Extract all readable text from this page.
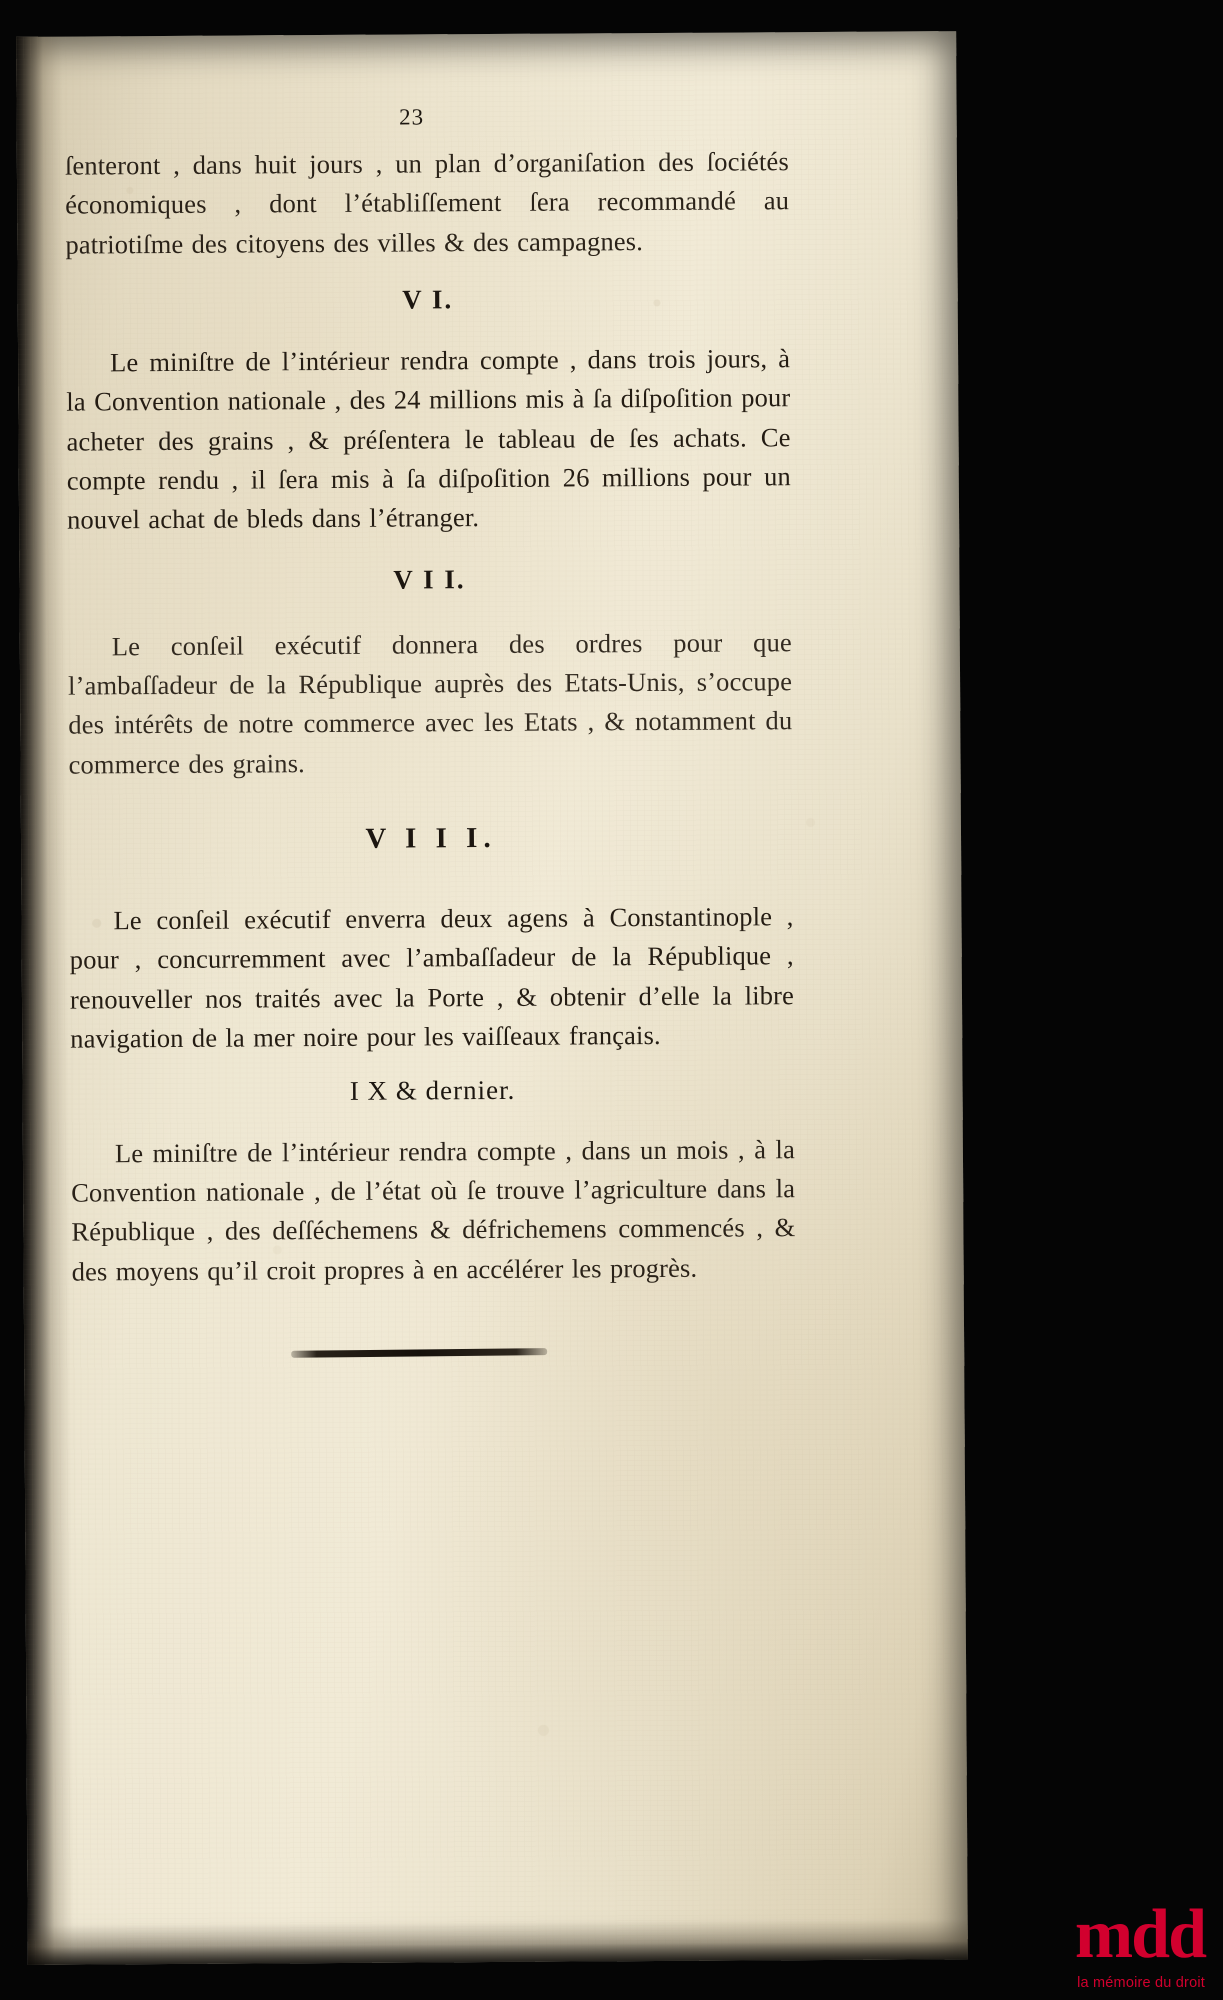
23

ſenteront , dans huit jours , un plan d’organiſation des ſociétés économiques , dont l’établiſſement ſera recommandé au patriotiſme des citoyens des villes & des campagnes.

V I.

Le miniſtre de l’intérieur rendra compte , dans trois jours, à la Convention nationale , des 24 millions mis à ſa diſpoſition pour acheter des grains , & préſentera le tableau de ſes achats. Ce compte rendu , il ſera mis à ſa diſpoſition 26 millions pour un nouvel achat de bleds dans l’étranger.

V I I.

Le conſeil exécutif donnera des ordres pour que l’ambaſſadeur de la République auprès des Etats-Unis, s’occupe des intérêts de notre commerce avec les Etats , & notamment du commerce des grains.

V I I I.

Le conſeil exécutif enverra deux agens à Constantinople , pour , concurremment avec l’ambaſſadeur de la République , renouveller nos traités avec la Porte , & obtenir d’elle la libre navigation de la mer noire pour les vaiſſeaux français.

I X & dernier.

Le miniſtre de l’intérieur rendra compte , dans un mois , à la Convention nationale , de l’état où ſe trouve l’agriculture dans la République , des deſſéchemens & défrichemens commencés , & des moyens qu’il croit propres à en accélérer les progrès.

mdd
la mémoire du droit
